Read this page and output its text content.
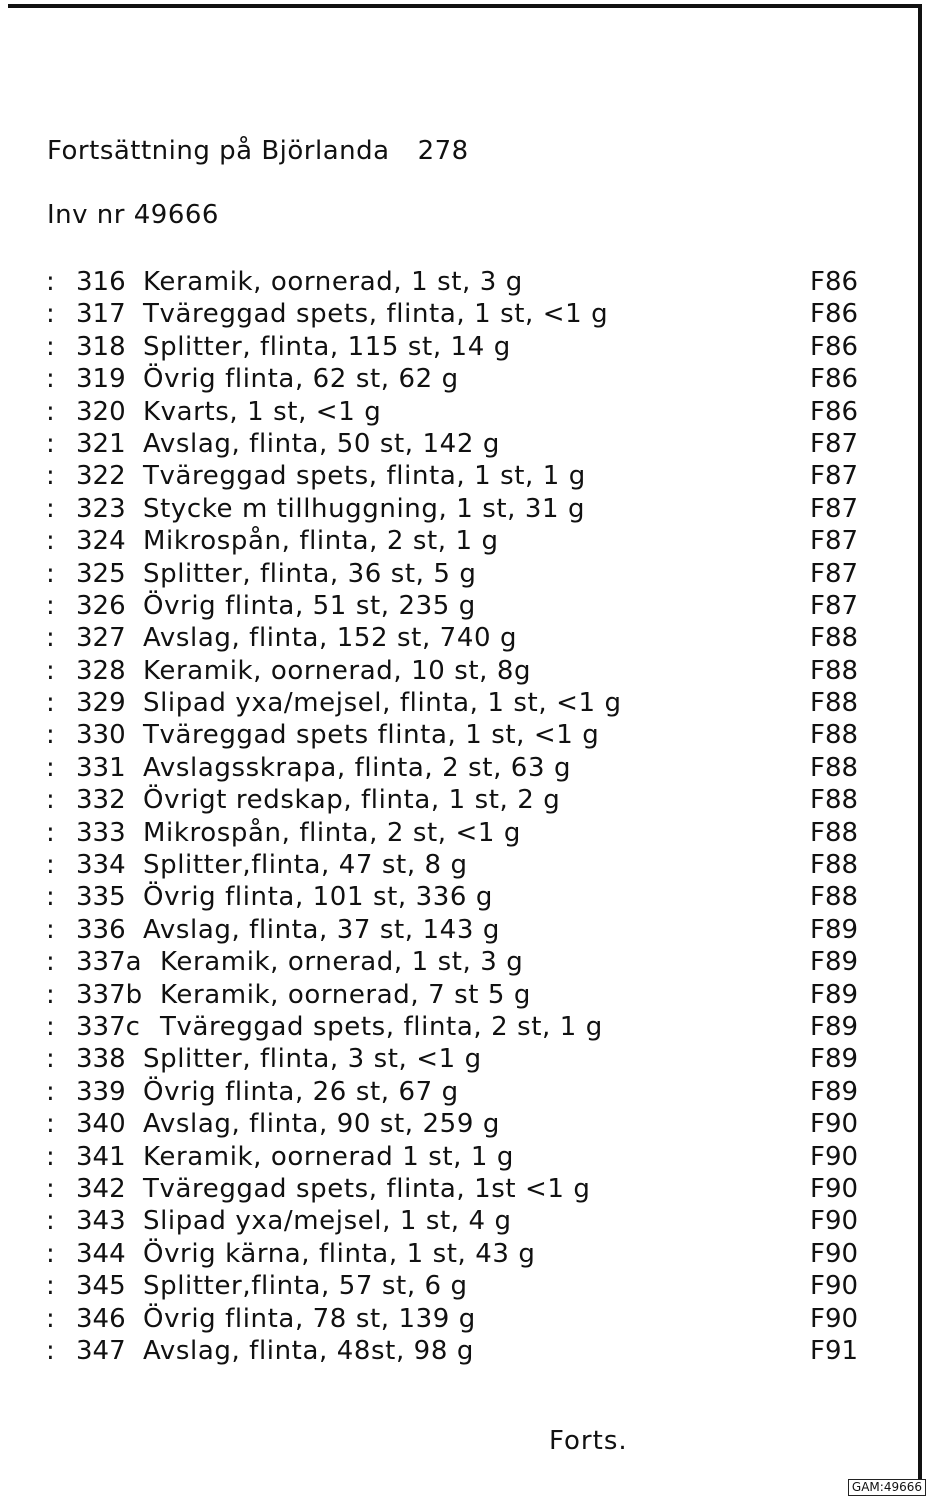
Fortsättning på Björlanda 278
Inv nr 49666
: 316 Keramik, oornerad, 1 st, 3 g	F86
: 317 Tväreggad spets, flinta, 1 st, <1 g	F86
: 318 Splitter, flinta, 115 st, 14 g	F86
: 319 Övrig flinta, 62 st, 62 g	F86
: 320 Kvarts, 1 st, <1 g	F86
: 321 Avslag, flinta, 50 st, 142 g	F87
: 322 Tväreggad spets, flinta, 1 st, 1 g	F87
: 323 Stycke m tillhuggning, 1 st, 31 g	F87
: 324 Mikrospån, flinta, 2 st, 1 g	F87
: 325 Splitter, flinta, 36 st, 5 g	F87
: 326 Övrig flinta, 51 st, 235 g	F87
: 327 Avslag, flinta, 152 st, 740 g	F88
: 328 Keramik, oornerad, 10 st, 8g	F88
: 329 Slipad yxa/mejsel, flinta, 1 st, <1 g	F88
: 330 Tväreggad spets flinta, 1 st, <1 g	F88
: 331 Avslagsskrapa, flinta, 2 st, 63 g	F88
: 332 Övrigt redskap, flinta, 1 st, 2 g	F88
: 333 Mikrospån, flinta, 2 st, <1 g	F88
: 334 Splitter,flinta, 47 st, 8 g	F88
: 335 Övrig flinta, 101 st, 336 g	F88
: 336 Avslag, flinta, 37 st, 143 g	F89
: 337a Keramik, ornerad, 1 st, 3 g	F89
: 337b Keramik, oornerad, 7 st 5 g	F89
: 337c Tväreggad spets, flinta, 2 st, 1 g	F89
: 338 Splitter, flinta, 3 st, <1 g	F89
: 339 Övrig flinta, 26 st, 67 g	F89
: 340 Avslag, flinta, 90 st, 259 g	F90
: 341 Keramik, oornerad 1 st, 1 g	F90
: 342 Tväreggad spets, flinta, 1st <1 g	F90
: 343 Slipad yxa/mejsel, 1 st, 4 g	F90
: 344 Övrig kärna, flinta, 1 st, 43 g	F90
: 345 Splitter,flinta, 57 st, 6 g	F90
: 346 Övrig flinta, 78 st, 139 g	F90
: 347 Avslag, flinta, 48st, 98 g	F91
Forts.
GAM:49666
